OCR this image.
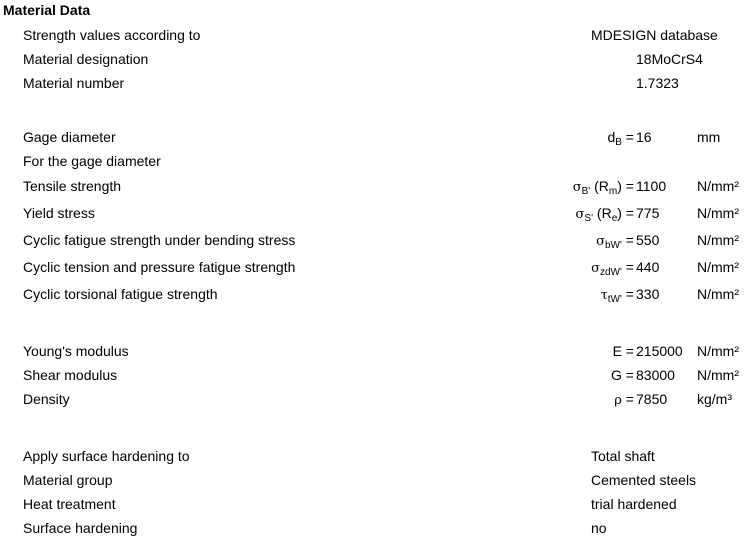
Material Data
Strength values according to	MDESIGN database
Material designation	18MoCrS4
Material number	1.7323
Gage diameter	$d_B = 16$	mm
For the gage diameter
Tensile strength	$\sigma_{B'}$ $(R_m) = 1100$ N/mm²
Yield stress	$\sigma_{S'}$ $(R_e) = 775$	N/mm²
Cyclic fatigue strength under bending stress	$\sigma_{bW'} = 550$	N/mm²
Cyclic tension and pressure fatigue strength	$\sigma_{zdW'} = 440$	N/mm²
Cyclic torsional fatigue strength	$\tau_{tW'} = 330$	N/mm²
Young's modulus	E = 215000 N/mm²
Shear modulus	G = 83000 N/mm²
Density	ρ = 7850 kg/m³
Apply surface hardening to	Total shaft
Material group	Cemented steels
Heat treatment	trial hardened
Surface hardening	no
